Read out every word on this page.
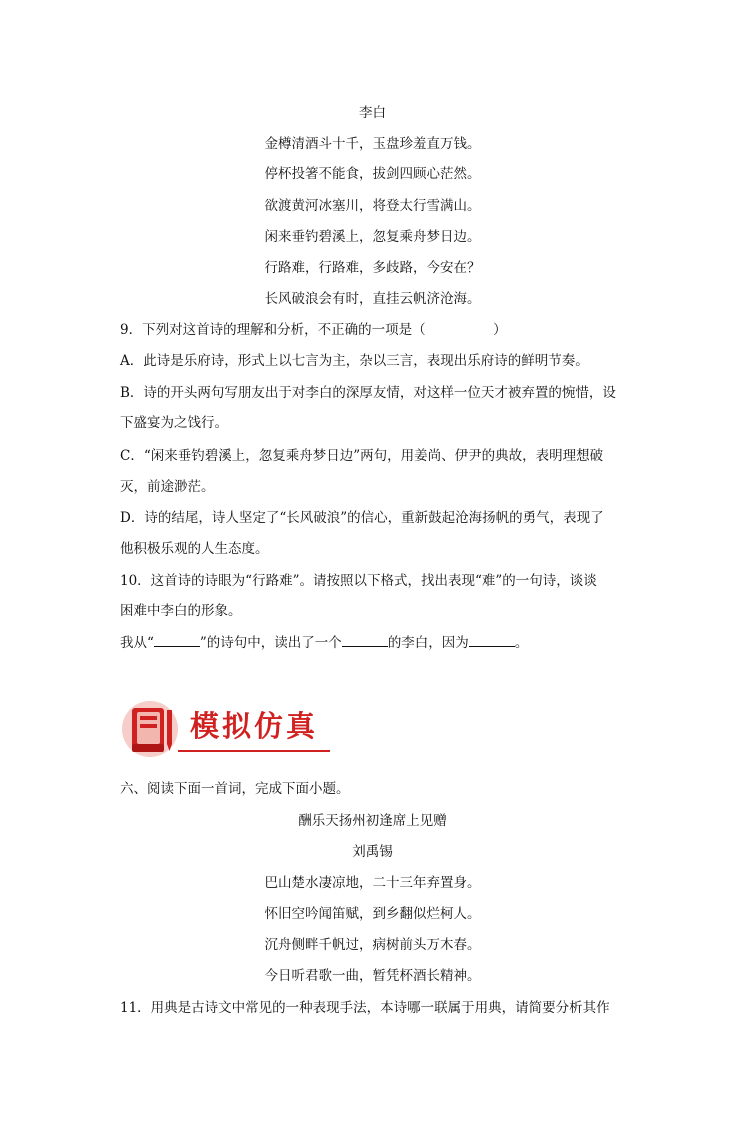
李白
金樽清酒斗十千，玉盘珍羞直万钱。
停杯投箸不能食，拔剑四顾心茫然。
欲渡黄河冰塞川，将登太行雪满山。
闲来垂钓碧溪上，忽复乘舟梦日边。
行路难，行路难，多歧路，今安在？
长风破浪会有时，直挂云帆济沧海。
9．下列对这首诗的理解和分析，不正确的一项是（　　　　　）
A．此诗是乐府诗，形式上以七言为主，杂以三言，表现出乐府诗的鲜明节奏。
B．诗的开头两句写朋友出于对李白的深厚友情，对这样一位天才被弃置的惋惜，设
下盛宴为之饯行。
C．“闲来垂钓碧溪上，忽复乘舟梦日边”两句，用姜尚、伊尹的典故，表明理想破
灭，前途渺茫。
D．诗的结尾，诗人坚定了“长风破浪”的信心，重新鼓起沧海扬帆的勇气，表现了
他积极乐观的人生态度。
10．这首诗的诗眼为“行路难”。请按照以下格式，找出表现“难”的一句诗，谈谈
困难中李白的形象。
我从“	”的诗句中，读出了一个	的李白，因为	。
模拟仿真
六、阅读下面一首词，完成下面小题。
酬乐天扬州初逢席上见赠
刘禹锡
巴山楚水凄凉地，二十三年弃置身。
怀旧空吟闻笛赋，到乡翻似烂柯人。
沉舟侧畔千帆过，病树前头万木春。
今日听君歌一曲，暂凭杯酒长精神。
11．用典是古诗文中常见的一种表现手法，本诗哪一联属于用典，请简要分析其作
